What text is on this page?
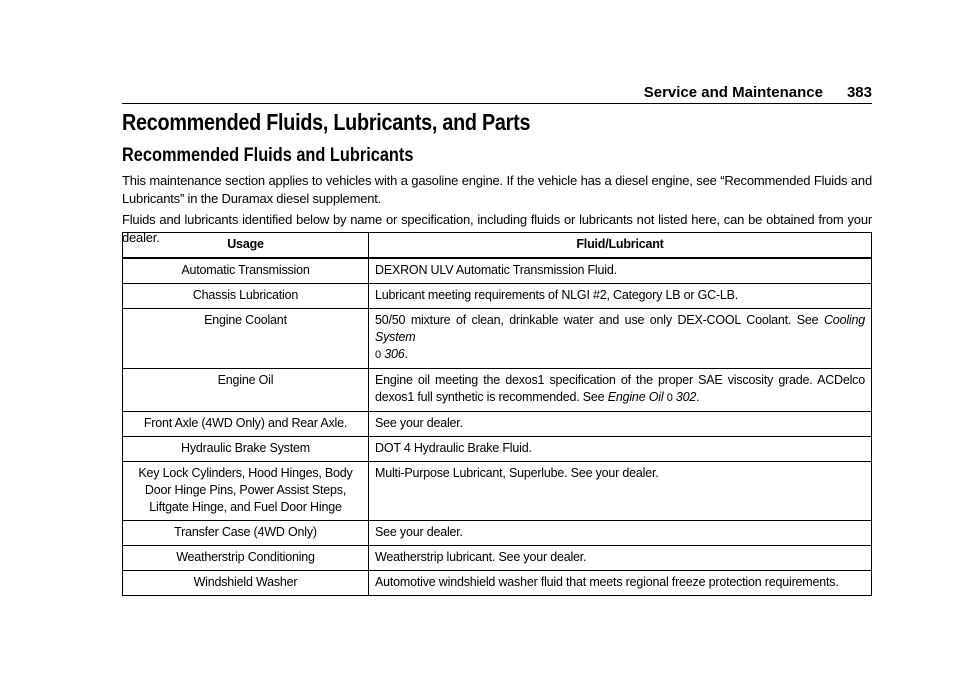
Service and Maintenance 383
Recommended Fluids, Lubricants, and Parts
Recommended Fluids and Lubricants

This maintenance section applies to vehicles with a gasoline engine. If the vehicle has a diesel engine, see “Recommended Fluids and Lubricants” in the Duramax diesel supplement.

Fluids and lubricants identified below by name or specification, including fluids or lubricants not listed here, can be obtained from your dealer.	Usage	Fluid/Lubricant
Automatic Transmission	DEXRON ULV Automatic Transmission Fluid.
Chassis Lubrication	Lubricant meeting requirements of NLGI #2, Category LB or GC-LB.
Engine Coolant	50/50 mixture of clean, drinkable water and use only DEX-COOL Coolant. See Cooling System
0 306.
Engine Oil	Engine oil meeting the dexos1 specification of the proper SAE viscosity grade. ACDelco dexos1 full synthetic is recommended. See Engine Oil 0 302.
Front Axle (4WD Only) and Rear Axle.	See your dealer.
Hydraulic Brake System	DOT 4 Hydraulic Brake Fluid.
Key Lock Cylinders, Hood Hinges, Body Door Hinge Pins, Power Assist Steps, Liftgate Hinge, and Fuel Door Hinge	Multi-Purpose Lubricant, Superlube. See your dealer.
Transfer Case (4WD Only)	See your dealer.
Weatherstrip Conditioning	Weatherstrip lubricant. See your dealer.
Windshield Washer	Automotive windshield washer fluid that meets regional freeze protection requirements.
